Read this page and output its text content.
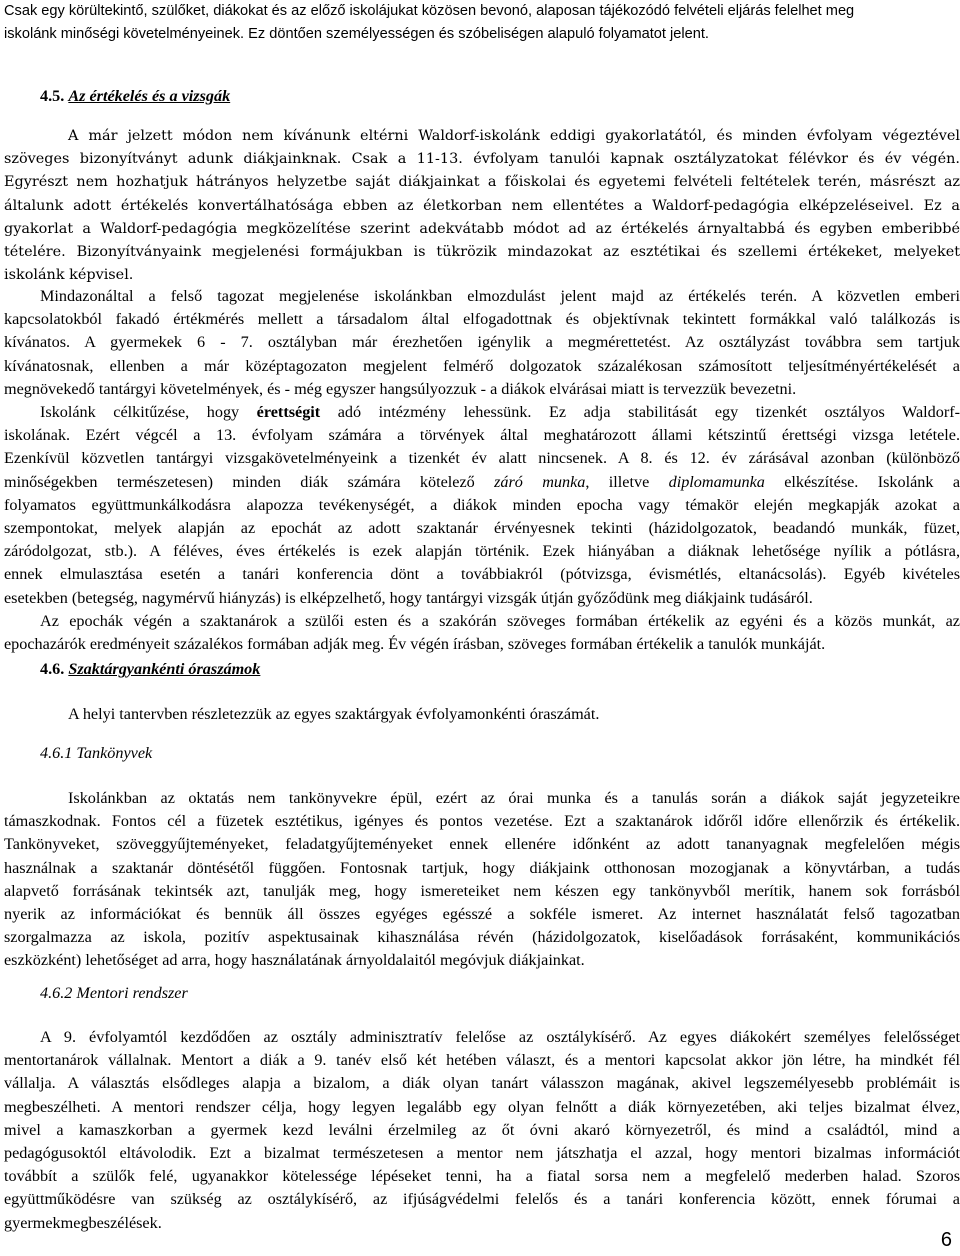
Csak egy körültekintő, szülőket, diákokat és az előző iskolájukat közösen bevonó, alaposan tájékozódó felvételi eljárás felelhet meg
iskolánk minőségi követelményeinek. Ez döntően személyességen és szóbeliségen alapuló folyamatot jelent.
4.5. Az értékelés és a vizsgák
A már jelzett módon nem kívánunk eltérni Waldorf-iskolánk eddigi gyakorlatától, és minden évfolyam végeztével
szöveges bizonyítványt adunk diákjainknak. Csak a 11-13. évfolyam tanulói kapnak osztályzatokat félévkor és év végén.
Egyrészt nem hozhatjuk hátrányos helyzetbe saját diákjainkat a főiskolai és egyetemi felvételi feltételek terén, másrészt az
általunk adott értékelés konvertálhatósága ebben az életkorban nem ellentétes a Waldorf-pedagógia elképzeléseivel. Ez a
gyakorlat a Waldorf-pedagógia megközelítése szerint adekvátabb módot ad az értékelés árnyaltabbá és egyben emberibbé
tételére. Bizonyítványaink megjelenési formájukban is tükrözik mindazokat az esztétikai és szellemi értékeket, melyeket
iskolánk képvisel.
Mindazonáltal a felső tagozat megjelenése iskolánkban elmozdulást jelent majd az értékelés terén. A közvetlen emberi
kapcsolatokból fakadó értékmérés mellett a társadalom által elfogadottnak és objektívnak tekintett formákkal való találkozás is
kívánatos. A gyermekek 6 - 7. osztályban már érezhetően igénylik a megmérettetést. Az osztályzást továbbra sem tartjuk
kívánatosnak, ellenben a már középtagozaton megjelent felmérő dolgozatok százalékosan számosított teljesítményértékelését a
megnövekedő tantárgyi követelmények, és - még egyszer hangsúlyozzuk - a diákok elvárásai miatt is tervezzük bevezetni.
Iskolánk célkitűzése, hogy érettségit adó intézmény lehessünk. Ez adja stabilitását egy tizenkét osztályos Waldorf-
iskolának. Ezért végcél a 13. évfolyam számára a törvények által meghatározott állami kétszintű érettségi vizsga letétele.
Ezenkívül közvetlen tantárgyi vizsgakövetelményeink a tizenkét év alatt nincsenek. A 8. és 12. év zárásával azonban (különböző
minőségekben természetesen) minden diák számára kötelező záró munka, illetve diplomamunka elkészítése. Iskolánk a
folyamatos együttmunkálkodásra alapozza tevékenységét, a diákok minden epocha vagy témakör elején megkapják azokat a
szempontokat, melyek alapján az epochát az adott szaktanár érvényesnek tekinti (házidolgozatok, beadandó munkák, füzet,
záródolgozat, stb.). A féléves, éves értékelés is ezek alapján történik. Ezek hiányában a diáknak lehetősége nyílik a pótlásra,
ennek elmulasztása esetén a tanári konferencia dönt a továbbiakról (pótvizsga, évismétlés, eltanácsolás). Egyéb kivételes
esetekben (betegség, nagymérvű hiányzás) is elképzelhető, hogy tantárgyi vizsgák útján győződünk meg diákjaink tudásáról.
Az epochák végén a szaktanárok a szülői esten és a szakórán szöveges formában értékelik az egyéni és a közös munkát, az
epochazárók eredményeit százalékos formában adják meg. Év végén írásban, szöveges formában értékelik a tanulók munkáját.
4.6. Szaktárgyankénti óraszámok
A helyi tantervben részletezzük az egyes szaktárgyak évfolyamonkénti óraszámát.
4.6.1 Tankönyvek
Iskolánkban az oktatás nem tankönyvekre épül, ezért az órai munka és a tanulás során a diákok saját jegyzeteikre
támaszkodnak. Fontos cél a füzetek esztétikus, igényes és pontos vezetése. Ezt a szaktanárok időről időre ellenőrzik és értékelik.
Tankönyveket, szöveggyűjteményeket, feladatgyűjteményeket ennek ellenére időnként az adott tananyagnak megfelelően mégis
használnak a szaktanár döntésétől függően. Fontosnak tartjuk, hogy diákjaink otthonosan mozogjanak a könyvtárban, a tudás
alapvető forrásának tekintsék azt, tanulják meg, hogy ismereteiket nem készen egy tankönyvből merítik, hanem sok forrásból
nyerik az információkat és bennük áll összes egyéges egésszé a sokféle ismeret. Az internet használatát felső tagozatban
szorgalmazza az iskola, pozitív aspektusainak kihasználása révén (házidolgozatok, kiselőadások forrásaként, kommunikációs
eszközként) lehetőséget ad arra, hogy használatának árnyoldalaitól megóvjuk diákjainkat.
4.6.2 Mentori rendszer
A 9. évfolyamtól kezdődően az osztály adminisztratív felelőse az osztálykísérő. Az egyes diákokért személyes felelősséget
mentortanárok vállalnak. Mentort a diák a 9. tanév első két hetében választ, és a mentori kapcsolat akkor jön létre, ha mindkét fél
vállalja. A választás elsődleges alapja a bizalom, a diák olyan tanárt válasszon magának, akivel legszemélyesebb problémáit is
megbeszélheti. A mentori rendszer célja, hogy legyen legalább egy olyan felnőtt a diák környezetében, aki teljes bizalmat élvez,
mivel a kamaszkorban a gyermek kezd leválni érzelmileg az őt óvni akaró környezetről, és mind a családtól, mind a
pedagógusoktól eltávolodik. Ezt a bizalmat természetesen a mentor nem játszhatja el azzal, hogy mentori bizalmas információt
továbbít a szülők felé, ugyanakkor kötelessége lépéseket tenni, ha a fiatal sorsa nem a megfelelő mederben halad. Szoros
együttműködésre van szükség az osztálykísérő, az ifjúságvédelmi felelős és a tanári konferencia között, ennek fórumai a
gyermekmegbeszélések.
6
